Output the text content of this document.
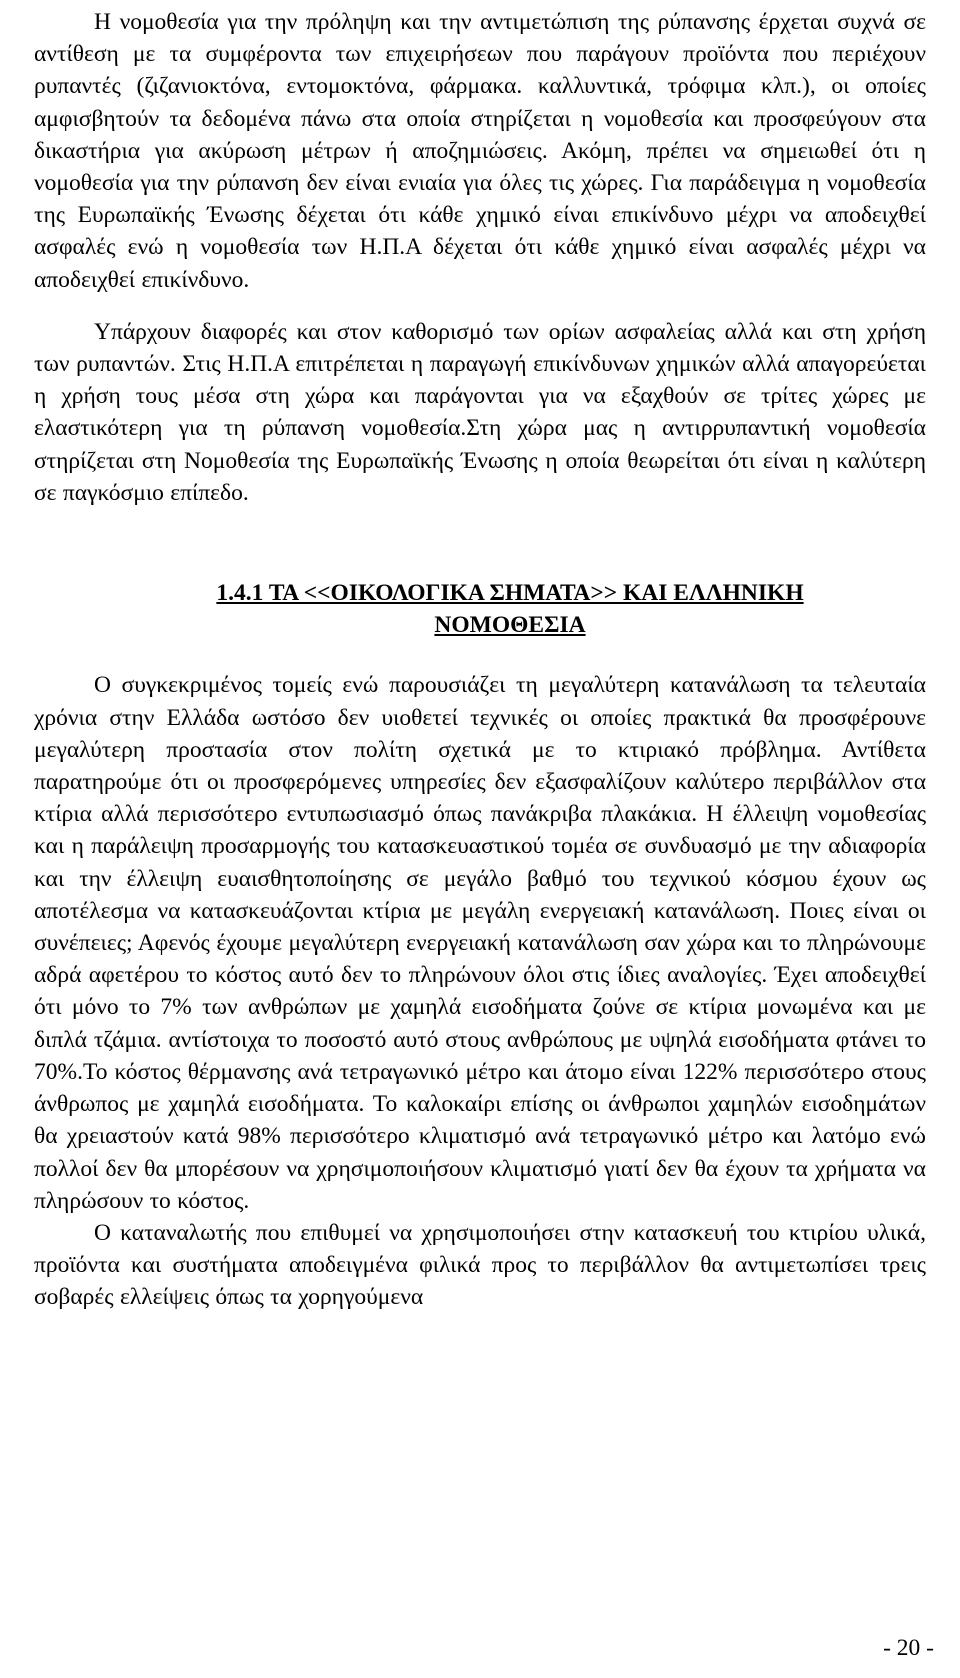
Η νομοθεσία για την πρόληψη και την αντιμετώπιση της ρύπανσης έρχεται συχνά σε αντίθεση με τα συμφέροντα των επιχειρήσεων που παράγουν προϊόντα που περιέχουν ρυπαντές (ζιζανιοκτόνα, εντομοκτόνα, φάρμακα. καλλυντικά, τρόφιμα κλπ.), οι οποίες αμφισβητούν τα δεδομένα πάνω στα οποία στηρίζεται η νομοθεσία και προσφεύγουν στα δικαστήρια για ακύρωση μέτρων ή αποζημιώσεις. Ακόμη, πρέπει να σημειωθεί ότι η νομοθεσία για την ρύπανση δεν είναι ενιαία για όλες τις χώρες. Για παράδειγμα η νομοθεσία της Ευρωπαϊκής Ένωσης δέχεται ότι κάθε χημικό είναι επικίνδυνο μέχρι να αποδειχθεί ασφαλές ενώ η νομοθεσία των Η.Π.Α δέχεται ότι κάθε χημικό είναι ασφαλές μέχρι να αποδειχθεί επικίνδυνο.

Υπάρχουν διαφορές και στον καθορισμό των ορίων ασφαλείας αλλά και στη χρήση των ρυπαντών. Στις Η.Π.Α επιτρέπεται η παραγωγή επικίνδυνων χημικών αλλά απαγορεύεται η χρήση τους μέσα στη χώρα και παράγονται για να εξαχθούν σε τρίτες χώρες με ελαστικότερη για τη ρύπανση νομοθεσία.Στη χώρα μας η αντιρρυπαντική νομοθεσία στηρίζεται στη Νομοθεσία της Ευρωπαϊκής Ένωσης η οποία θεωρείται ότι είναι η καλύτερη σε παγκόσμιο επίπεδο.

1.4.1 ΤΑ <<ΟΙΚΟΛΟΓΙΚΑ ΣΗΜΑΤΑ>> ΚΑΙ ΕΛΛΗΝΙΚΗ

ΝΟΜΟΘΕΣΙΑ

Ο συγκεκριμένος τομείς ενώ παρουσιάζει τη μεγαλύτερη κατανάλωση τα τελευταία χρόνια στην Ελλάδα ωστόσο δεν υιοθετεί τεχνικές οι οποίες πρακτικά θα προσφέρουνε μεγαλύτερη προστασία στον πολίτη σχετικά με το κτιριακό πρόβλημα. Αντίθετα παρατηρούμε ότι οι προσφερόμενες υπηρεσίες δεν εξασφαλίζουν καλύτερο περιβάλλον στα κτίρια αλλά περισσότερο εντυπωσιασμό όπως πανάκριβα πλακάκια. Η έλλειψη νομοθεσίας και η παράλειψη προσαρμογής του κατασκευαστικού τομέα σε συνδυασμό με την αδιαφορία και την έλλειψη ευαισθητοποίησης σε μεγάλο βαθμό του τεχνικού κόσμου έχουν ως αποτέλεσμα να κατασκευάζονται κτίρια με μεγάλη ενεργειακή κατανάλωση. Ποιες είναι οι συνέπειες; Αφενός έχουμε μεγαλύτερη ενεργειακή κατανάλωση σαν χώρα και το πληρώνουμε αδρά αφετέρου το κόστος αυτό δεν το πληρώνουν όλοι στις ίδιες αναλογίες. Έχει αποδειχθεί ότι μόνο το 7% των ανθρώπων με χαμηλά εισοδήματα ζούνε σε κτίρια μονωμένα και με διπλά τζάμια. αντίστοιχα το ποσοστό αυτό στους ανθρώπους με υψηλά εισοδήματα φτάνει το 70%.Το κόστος θέρμανσης ανά τετραγωνικό μέτρο και άτομο είναι 122% περισσότερο στους άνθρωπος με χαμηλά εισοδήματα. Το καλοκαίρι επίσης οι άνθρωποι χαμηλών εισοδημάτων θα χρειαστούν κατά 98% περισσότερο κλιματισμό ανά τετραγωνικό μέτρο και λατόμο ενώ πολλοί δεν θα μπορέσουν να χρησιμοποιήσουν κλιματισμό γιατί δεν θα έχουν τα χρήματα να πληρώσουν το κόστος.

Ο καταναλωτής που επιθυμεί να χρησιμοποιήσει στην κατασκευή του κτιρίου υλικά, προϊόντα και συστήματα αποδειγμένα φιλικά προς το περιβάλλον θα αντιμετωπίσει τρεις σοβαρές ελλείψεις όπως τα χορηγούμενα

- 20 -
